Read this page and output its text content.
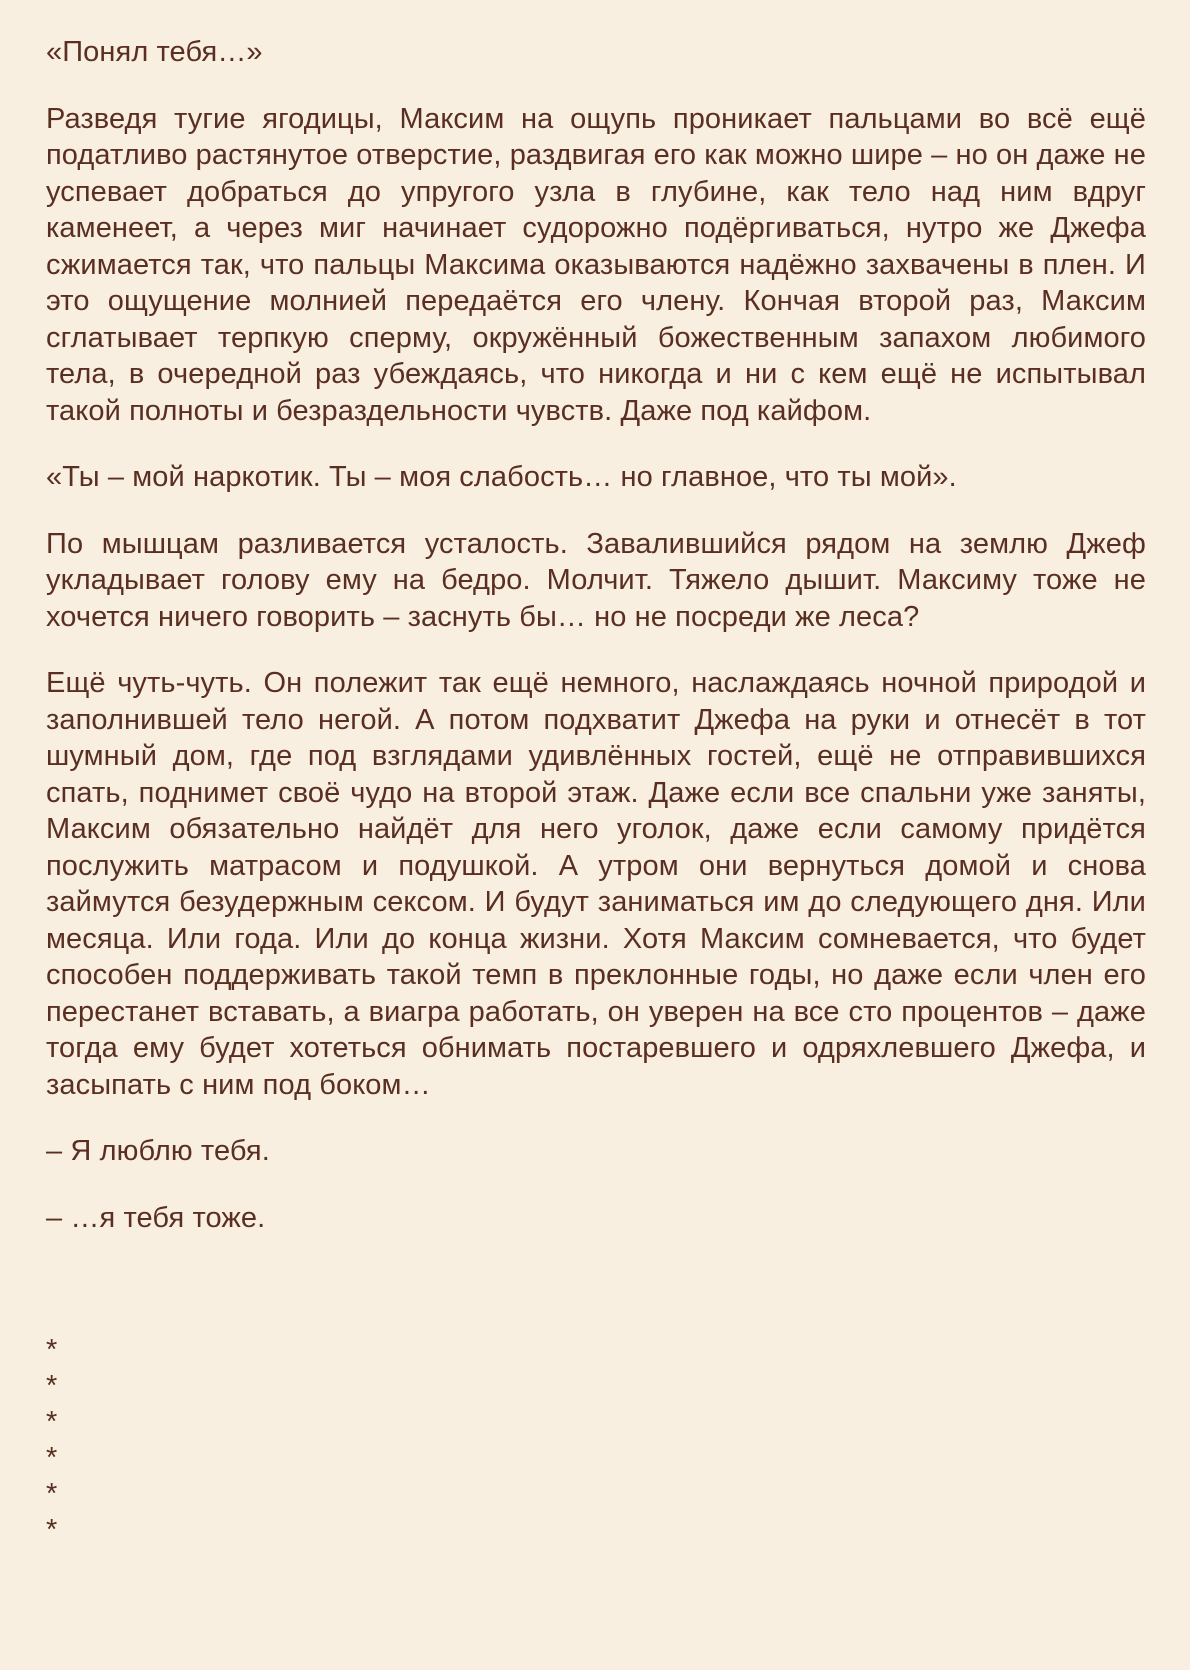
«Понял тебя…»

Разведя тугие ягодицы, Максим на ощупь проникает пальцами во всё ещё податливо растянутое отверстие, раздвигая его как можно шире – но он даже не успевает добраться до упругого узла в глубине, как тело над ним вдруг каменеет, а через миг начинает судорожно подёргиваться, нутро же Джефа сжимается так, что пальцы Максима оказываются надёжно захвачены в плен. И это ощущение молнией передаётся его члену. Кончая второй раз, Максим сглатывает терпкую сперму, окружённый божественным запахом любимого тела, в очередной раз убеждаясь, что никогда и ни с кем ещё не испытывал такой полноты и безраздельности чувств. Даже под кайфом.

«Ты – мой наркотик. Ты – моя слабость… но главное, что ты мой».

По мышцам разливается усталость. Завалившийся рядом на землю Джеф укладывает голову ему на бедро. Молчит. Тяжело дышит. Максиму тоже не хочется ничего говорить – заснуть бы… но не посреди же леса?

Ещё чуть-чуть. Он полежит так ещё немного, наслаждаясь ночной природой и заполнившей тело негой. А потом подхватит Джефа на руки и отнесёт в тот шумный дом, где под взглядами удивлённых гостей, ещё не отправившихся спать, поднимет своё чудо на второй этаж. Даже если все спальни уже заняты, Максим обязательно найдёт для него уголок, даже если самому придётся послужить матрасом и подушкой. А утром они вернуться домой и снова займутся безудержным сексом. И будут заниматься им до следующего дня. Или месяца. Или года. Или до конца жизни. Хотя Максим сомневается, что будет способен поддерживать такой темп в преклонные годы, но даже если член его перестанет вставать, а виагра работать, он уверен на все сто процентов – даже тогда ему будет хотеться обнимать постаревшего и одряхлевшего Джефа, и засыпать с ним под боком…

– Я люблю тебя.

– …я тебя тоже.

*
*
*
*
*
*
